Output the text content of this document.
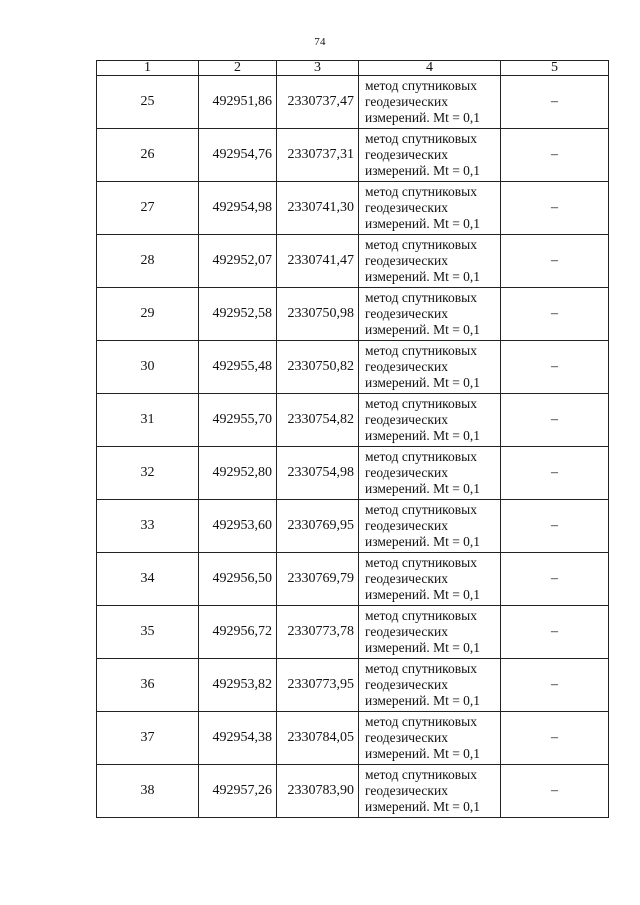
74
1	2	3	4	5
25	492951,86	2330737,47	метод спутниковых
геодезических
измерений. Mt = 0,1	–
26	492954,76	2330737,31	метод спутниковых
геодезических
измерений. Mt = 0,1	–
27	492954,98	2330741,30	метод спутниковых
геодезических
измерений. Mt = 0,1	–
28	492952,07	2330741,47	метод спутниковых
геодезических
измерений. Mt = 0,1	–
29	492952,58	2330750,98	метод спутниковых
геодезических
измерений. Mt = 0,1	–
30	492955,48	2330750,82	метод спутниковых
геодезических
измерений. Mt = 0,1	–
31	492955,70	2330754,82	метод спутниковых
геодезических
измерений. Mt = 0,1	–
32	492952,80	2330754,98	метод спутниковых
геодезических
измерений. Mt = 0,1	–
33	492953,60	2330769,95	метод спутниковых
геодезических
измерений. Mt = 0,1	–
34	492956,50	2330769,79	метод спутниковых
геодезических
измерений. Mt = 0,1	–
35	492956,72	2330773,78	метод спутниковых
геодезических
измерений. Mt = 0,1	–
36	492953,82	2330773,95	метод спутниковых
геодезических
измерений. Mt = 0,1	–
37	492954,38	2330784,05	метод спутниковых
геодезических
измерений. Mt = 0,1	–
38	492957,26	2330783,90	метод спутниковых
геодезических
измерений. Mt = 0,1	–
